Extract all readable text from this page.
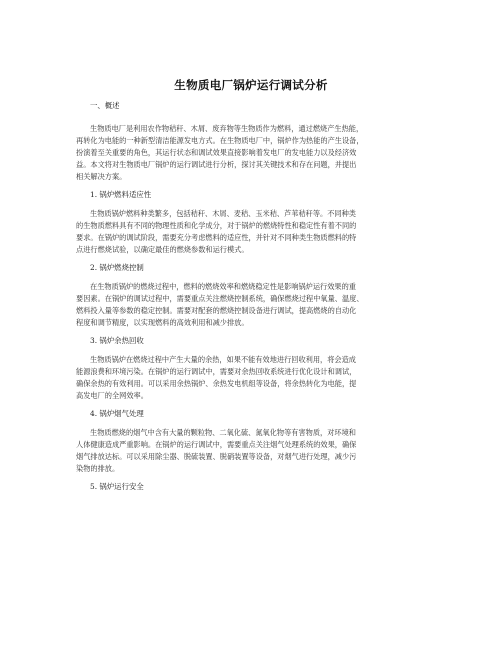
生物质电厂锅炉运行调试分析
一、概述
生物质电厂是利用农作物秸秆、木屑、废弃物等生物质作为燃料，通过燃烧产生热能，
再转化为电能的一种新型清洁能源发电方式。在生物质电厂中，锅炉作为热能的产生设备，
扮演着至关重要的角色，其运行状态和调试效果直接影响着发电厂的发电能力以及经济效
益。本文将对生物质电厂锅炉的运行调试进行分析，探讨其关键技术和存在问题，并提出
相关解决方案。
1. 锅炉燃料适应性
生物质锅炉燃料种类繁多，包括秸秆、木屑、麦秸、玉米秸、芦苇秸秆等。不同种类
的生物质燃料具有不同的物理性质和化学成分，对于锅炉的燃烧特性和稳定性有着不同的
要求。在锅炉的调试阶段，需要充分考虑燃料的适应性，并针对不同种类生物质燃料的特
点进行燃烧试验，以确定最佳的燃烧参数和运行模式。
2. 锅炉燃烧控制
在生物质锅炉的燃烧过程中，燃料的燃烧效率和燃烧稳定性是影响锅炉运行效果的重
要因素。在锅炉的调试过程中，需要重点关注燃烧控制系统，确保燃烧过程中氧量、温度、
燃料投入量等参数的稳定控制。需要对配套的燃烧控制设备进行调试，提高燃烧的自动化
程度和调节精度，以实现燃料的高效利用和减少排放。
3. 锅炉余热回收
生物质锅炉在燃烧过程中产生大量的余热，如果不能有效地进行回收利用，将会造成
能源浪费和环境污染。在锅炉的运行调试中，需要对余热回收系统进行优化设计和调试，
确保余热的有效利用。可以采用余热锅炉、余热发电机组等设备，将余热转化为电能，提
高发电厂的全网效率。
4. 锅炉烟气处理
生物质燃烧的烟气中含有大量的颗粒物、二氧化硫、氮氧化物等有害物质，对环境和
人体健康造成严重影响。在锅炉的运行调试中，需要重点关注烟气处理系统的效果，确保
烟气排放达标。可以采用除尘器、脱硫装置、脱硝装置等设备，对烟气进行处理，减少污
染物的排放。
5. 锅炉运行安全
